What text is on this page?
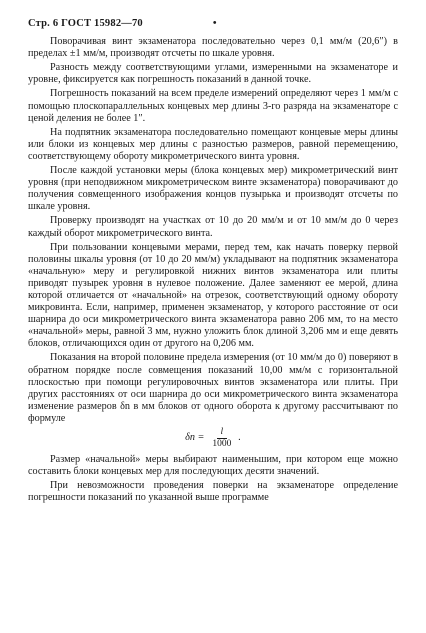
Стр. 6 ГОСТ 15982—70	•

Поворачивая винт экзаменатора последовательно через 0,1 мм/м (20,6″) в пределах ±1 мм/м, производят отсчеты по шкале уровня.

Разность между соответствующими углами, измеренными на экзаменаторе и уровне, фиксируется как погрешность показаний в данной точке.

Погрешность показаний на всем пределе измерений определяют через 1 мм/м с помощью плоскопараллельных концевых мер длины 3-го разряда на экзаменаторе с ценой деления не более 1″.

На подпятник экзаменатора последовательно помещают концевые меры длины или блоки из концевых мер длины с разностью размеров, равной перемещению, соответствующему обороту микрометрического винта уровня.

После каждой установки меры (блока концевых мер) микрометрический винт уровня (при неподвижном микрометрическом винте экзаменатора) поворачивают до получения совмещенного изображения концов пузырька и производят отсчеты по шкале уровня.

Проверку производят на участках от 10 до 20 мм/м и от 10 мм/м до 0 через каждый оборот микрометрического винта.

При пользовании концевыми мерами, перед тем, как начать поверку первой половины шкалы уровня (от 10 до 20 мм/м) укладывают на подпятник экзаменатора «начальную» меру и регулировкой нижних винтов экзаменатора или плиты приводят пузырек уровня в нулевое положение. Далее заменяют ее мерой, длина которой отличается от «начальной» на отрезок, соответствующий одному обороту микровинта. Если, например, применен экзаменатор, у которого расстояние от оси шарнира до оси микрометрического винта экзаменатора равно 206 мм, то на место «начальной» меры, равной 3 мм, нужно уложить блок длиной 3,206 мм и еще девять блоков, отличающихся один от другого на 0,206 мм.

Показания на второй половине предела измерения (от 10 мм/м до 0) поверяют в обратном порядке после совмещения показаний 10,00 мм/м с горизонтальной плоскостью при помощи регулировочных винтов экзаменатора или плиты. При других расстояниях от оси шарнира до оси микрометрического винта экзаменатора изменение размеров δn в мм блоков от одного оборота к другому рассчитывают по формуле

$\delta n = \frac{l}{1000}$ .

Размер «начальной» меры выбирают наименьшим, при котором еще можно составить блоки концевых мер для последующих десяти значений.

При невозможности проведения поверки на экзаменаторе определение погрешности показаний по указанной выше программе
